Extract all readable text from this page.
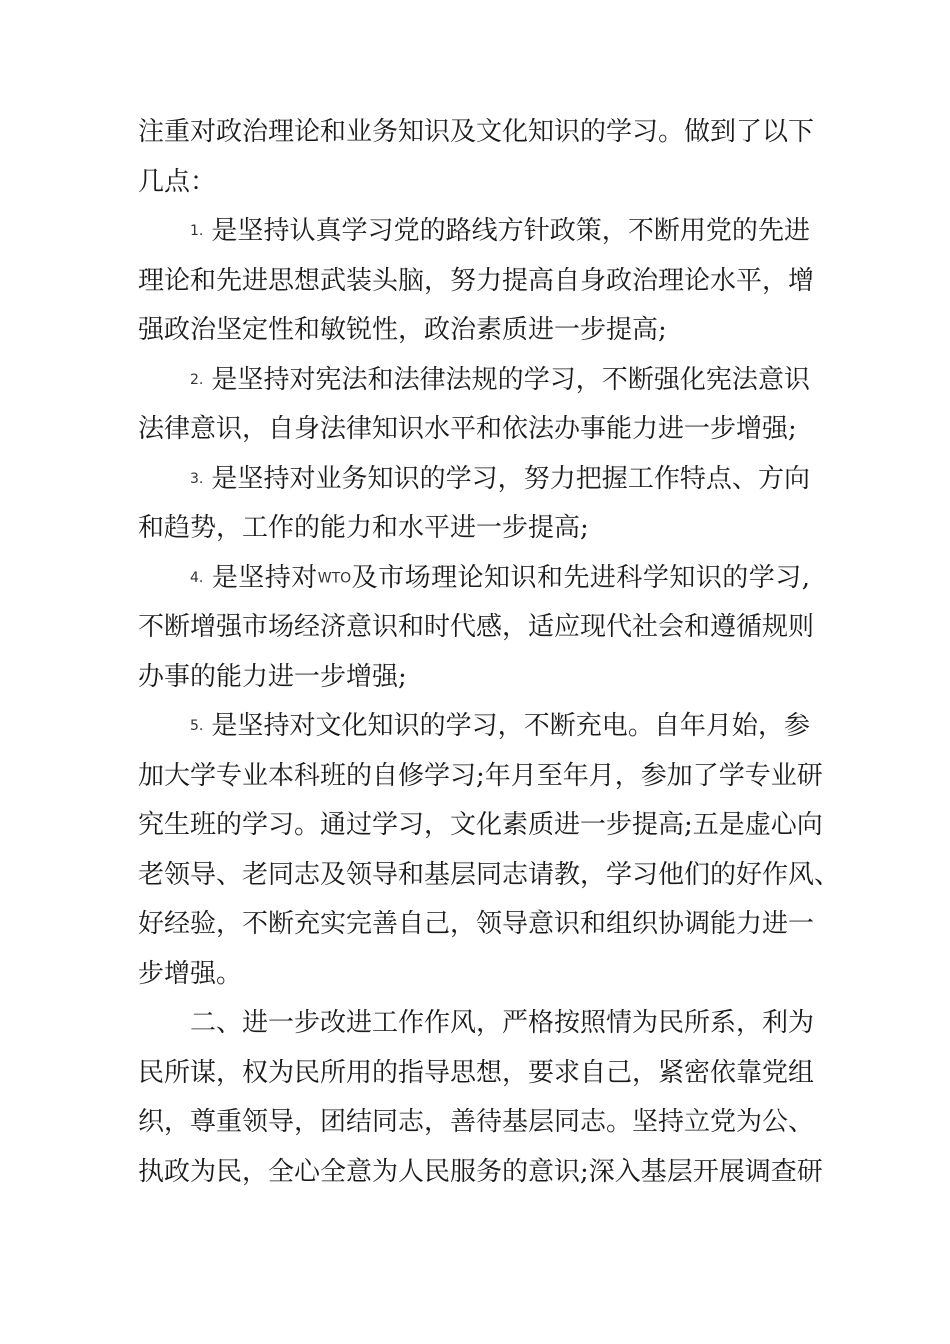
注重对政治理论和业务知识及文化知识的学习。做到了以下
几点：
1. 是坚持认真学习党的路线方针政策，不断用党的先进
理论和先进思想武装头脑，努力提高自身政治理论水平，增
强政治坚定性和敏锐性，政治素质进一步提高;
2. 是坚持对宪法和法律法规的学习，不断强化宪法意识
法律意识，自身法律知识水平和依法办事能力进一步增强;
3. 是坚持对业务知识的学习，努力把握工作特点、方向
和趋势，工作的能力和水平进一步提高;
4. 是坚持对WTO及市场理论知识和先进科学知识的学习,
不断增强市场经济意识和时代感，适应现代社会和遵循规则
办事的能力进一步增强;
5. 是坚持对文化知识的学习，不断充电。自年月始，参
加大学专业本科班的自修学习;年月至年月，参加了学专业研
究生班的学习。通过学习，文化素质进一步提高;五是虚心向
老领导、老同志及领导和基层同志请教，学习他们的好作风、
好经验，不断充实完善自己，领导意识和组织协调能力进一
步增强。
二、进一步改进工作作风，严格按照情为民所系，利为
民所谋，权为民所用的指导思想，要求自己，紧密依靠党组
织，尊重领导，团结同志，善待基层同志。坚持立党为公、
执政为民，全心全意为人民服务的意识;深入基层开展调查研
